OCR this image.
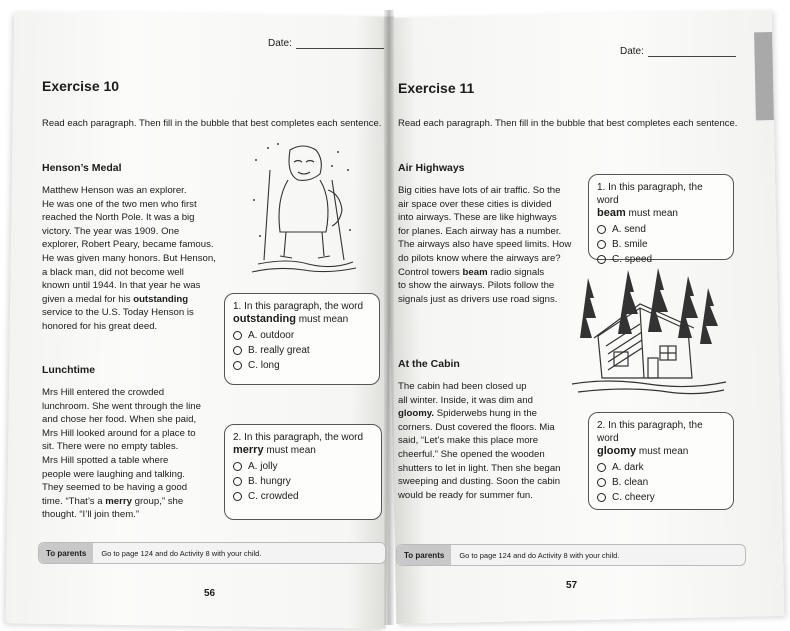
Date:
Exercise 10
Read each paragraph. Then fill in the bubble that best completes each sentence.
Henson’s Medal
Matthew Henson was an explorer.
He was one of the two men who first
reached the North Pole. It was a big
victory. The year was 1909. One
explorer, Robert Peary, became famous.
He was given many honors. But Henson,
a black man, did not become well
known until 1944. In that year he was
given a medal for his outstanding
service to the U.S. Today Henson is
honored for his great deed.
1. In this paragraph, the word
outstanding must mean
A. outdoor
B. really great
C. long
Lunchtime
Mrs Hill entered the crowded
lunchroom. She went through the line
and chose her food. When she paid,
Mrs Hill looked around for a place to
sit. There were no empty tables.
Mrs Hill spotted a table where
people were laughing and talking.
They seemed to be having a good
time. “That’s a merry group,” she
thought. “I’ll join them.”
2. In this paragraph, the word
merry must mean
A. jolly
B. hungry
C. crowded
To parents	Go to page 124 and do Activity 8 with your child.
56
Date:
Exercise 11
Read each paragraph. Then fill in the bubble that best completes each sentence.
Air Highways
Big cities have lots of air traffic. So the
air space over these cities is divided
into airways. These are like highways
for planes. Each airway has a number.
The airways also have speed limits. How
do pilots know where the airways are?
Control towers beam radio signals
to show the airways. Pilots follow the
signals just as drivers use road signs.
1. In this paragraph, the word
beam must mean
A. send
B. smile
C. speed
At the Cabin
The cabin had been closed up
all winter. Inside, it was dim and
gloomy. Spiderwebs hung in the
corners. Dust covered the floors. Mia
said, “Let’s make this place more
cheerful.” She opened the wooden
shutters to let in light. Then she began
sweeping and dusting. Soon the cabin
would be ready for summer fun.
2. In this paragraph, the word
gloomy must mean
A. dark
B. clean
C. cheery
To parents	Go to page 124 and do Activity 8 with your child.
57
